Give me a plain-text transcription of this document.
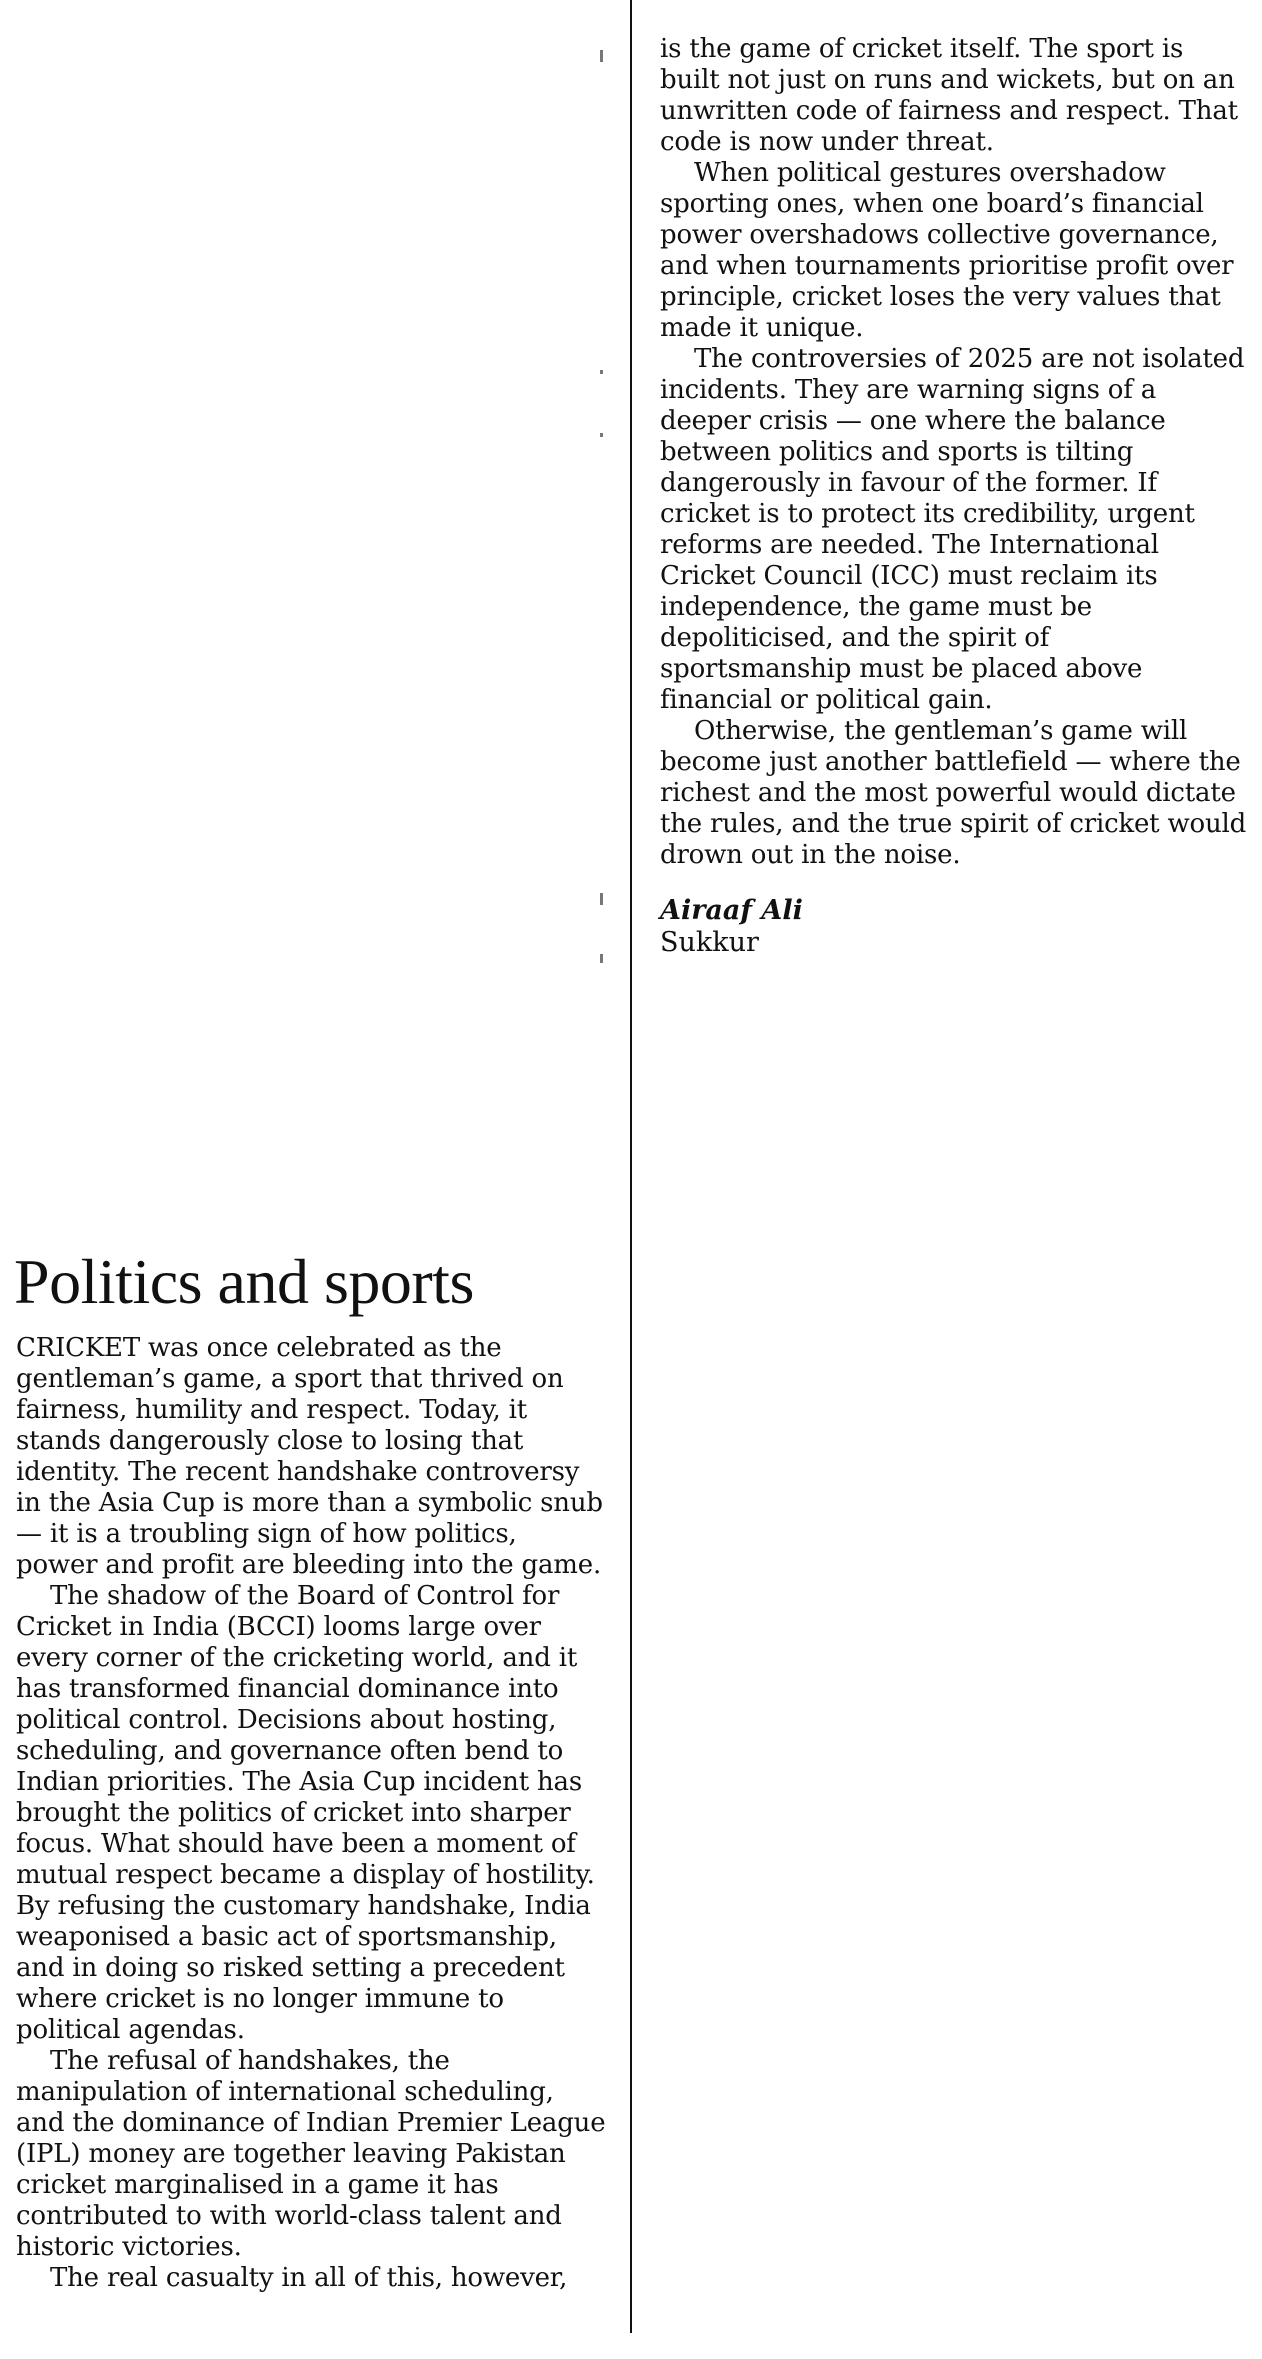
Politics and sports

CRICKET was once celebrated as the gentleman’s game, a sport that thrived on fairness, humility and respect. Today, it stands dangerously close to losing that identity. The recent handshake controversy in the Asia Cup is more than a symbolic snub — it is a troubling sign of how politics, power and profit are bleeding into the game.

The shadow of the Board of Control for Cricket in India (BCCI) looms large over every corner of the cricketing world, and it has transformed financial dominance into political control. Decisions about hosting, scheduling, and governance often bend to Indian priorities. The Asia Cup incident has brought the politics of cricket into sharper focus. What should have been a moment of mutual respect became a display of hostility. By refusing the customary handshake, India weaponised a basic act of sportsmanship, and in doing so risked setting a precedent where cricket is no longer immune to political agendas.

The refusal of handshakes, the manipulation of international scheduling, and the dominance of Indian Premier League (IPL) money are together leaving Pakistan cricket marginalised in a game it has contributed to with world-class talent and historic victories.

The real casualty in all of this, however,

is the game of cricket itself. The sport is built not just on runs and wickets, but on an unwritten code of fairness and respect. That code is now under threat.

When political gestures overshadow sporting ones, when one board’s financial power overshadows collective governance, and when tournaments prioritise profit over principle, cricket loses the very values that made it unique.

The controversies of 2025 are not isolated incidents. They are warning signs of a deeper crisis — one where the balance between politics and sports is tilting dangerously in favour of the former. If cricket is to protect its credibility, urgent reforms are needed. The International Cricket Council (ICC) must reclaim its independence, the game must be depoliticised, and the spirit of sportsmanship must be placed above financial or political gain.

Otherwise, the gentleman’s game will become just another battlefield — where the richest and the most powerful would dictate the rules, and the true spirit of cricket would drown out in the noise.

Airaaf Ali

Sukkur
